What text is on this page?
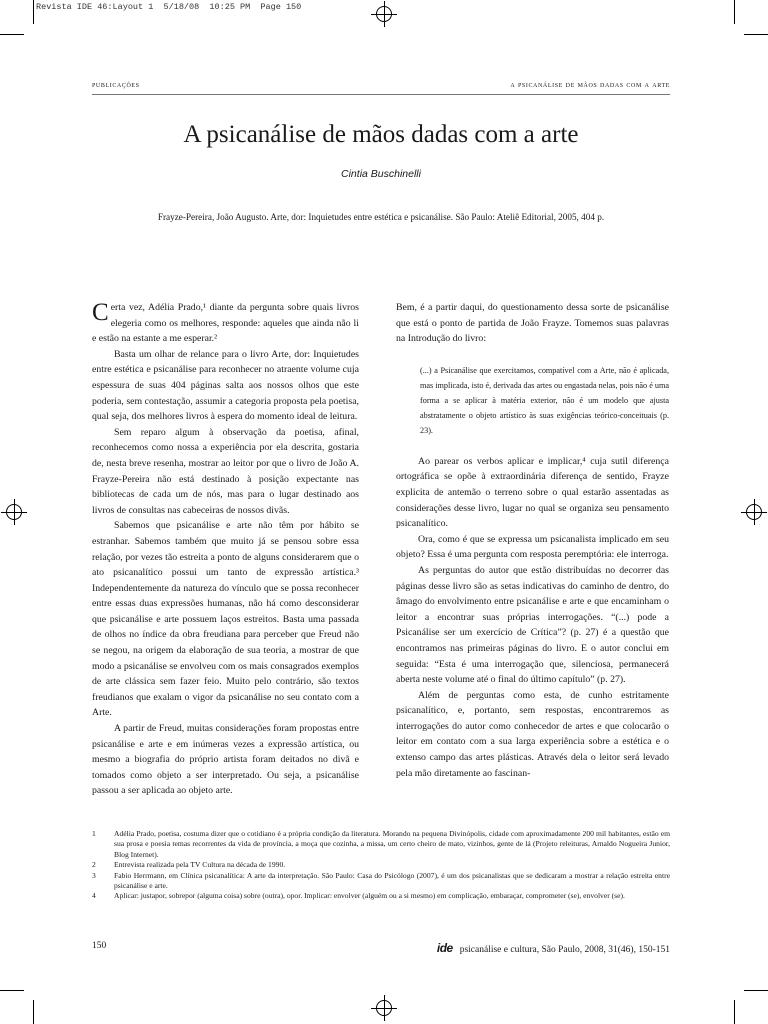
Revista IDE 46:Layout 1  5/18/08  10:25 PM  Page 150
publicações	a psicanálise de mãos dadas com a arte
A psicanálise de mãos dadas com a arte
Cintia Buschinelli
Frayze-Pereira, João Augusto. Arte, dor: Inquietudes entre estética e psicanálise. São Paulo: Ateliê Editorial, 2005, 404 p.

Certa vez, Adélia Prado,¹ diante da pergunta sobre quais livros elegeria como os melhores, responde: aqueles que ainda não li e estão na estante a me esperar.²

Basta um olhar de relance para o livro Arte, dor: Inquietudes entre estética e psicanálise para reconhecer no atraente volume cuja espessura de suas 404 páginas salta aos nossos olhos que este poderia, sem contestação, assumir a categoria proposta pela poetisa, qual seja, dos melhores livros à espera do momento ideal de leitura.

Sem reparo algum à observação da poetisa, afinal, reconhecemos como nossa a experiência por ela descrita, gostaria de, nesta breve resenha, mostrar ao leitor por que o livro de João A. Frayze-Pereira não está destinado à posição expectante nas bibliotecas de cada um de nós, mas para o lugar destinado aos livros de consultas nas cabeceiras de nossos divãs.

Sabemos que psicanálise e arte não têm por hábito se estranhar. Sabemos também que muito já se pensou sobre essa relação, por vezes tão estreita a ponto de alguns considerarem que o ato psicanalítico possui um tanto de expressão artística.³ Independentemente da natureza do vínculo que se possa reconhecer entre essas duas expressões humanas, não há como desconsiderar que psicanálise e arte possuem laços estreitos. Basta uma passada de olhos no índice da obra freudiana para perceber que Freud não se negou, na origem da elaboração de sua teoria, a mostrar de que modo a psicanálise se envolveu com os mais consagrados exemplos de arte clássica sem fazer feio. Muito pelo contrário, são textos freudianos que exalam o vigor da psicanálise no seu contato com a Arte.

A partir de Freud, muitas considerações foram propostas entre psicanálise e arte e em inúmeras vezes a expressão artística, ou mesmo a biografia do próprio artista foram deitados no divã e tomados como objeto a ser interpretado. Ou seja, a psicanálise passou a ser aplicada ao objeto arte.

Bem, é a partir daqui, do questionamento dessa sorte de psicanálise que está o ponto de partida de João Frayze. Tomemos suas palavras na Introdução do livro:

(...) a Psicanálise que exercitamos, compatível com a Arte, não é aplicada, mas implicada, isto é, derivada das artes ou engastada nelas, pois não é uma forma a se aplicar à matéria exterior, não é um modelo que ajusta abstratamente o objeto artístico às suas exigências teórico-conceituais (p. 23).

Ao parear os verbos aplicar e implicar,⁴ cuja sutil diferença ortográfica se opõe à extraordinária diferença de sentido, Frayze explicita de antemão o terreno sobre o qual estarão assentadas as considerações desse livro, lugar no qual se organiza seu pensamento psicanalítico.

Ora, como é que se expressa um psicanalista implicado em seu objeto? Essa é uma pergunta com resposta peremptória: ele interroga.

As perguntas do autor que estão distribuídas no decorrer das páginas desse livro são as setas indicativas do caminho de dentro, do âmago do envolvimento entre psicanálise e arte e que encaminham o leitor a encontrar suas próprias interrogações. “(...) pode a Psicanálise ser um exercício de Crítica”? (p. 27) é a questão que encontramos nas primeiras páginas do livro. E o autor conclui em seguida: “Esta é uma interrogação que, silenciosa, permanecerá aberta neste volume até o final do último capítulo” (p. 27).

Além de perguntas como esta, de cunho estritamente psicanalítico, e, portanto, sem respostas, encontraremos as interrogações do autor como conhecedor de artes e que colocarão o leitor em contato com a sua larga experiência sobre a estética e o extenso campo das artes plásticas. Através dela o leitor será levado pela mão diretamente ao fascinan-

1	Adélia Prado, poetisa, costuma dizer que o cotidiano é a própria condição da literatura. Morando na pequena Divinópolis, cidade com aproximadamente 200 mil habitantes, estão em sua prosa e poesia temas recorrentes da vida de província, a moça que cozinha, a missa, um certo cheiro de mato, vizinhos, gente de lá (Projeto releituras, Arnaldo Nogueira Junior, Blog Internet).
2	Entrevista realizada pela TV Cultura na década de 1990.
3	Fabio Herrmann, em Clínica psicanalítica: A arte da interpretação. São Paulo: Casa do Psicólogo (2007), é um dos psicanalistas que se dedicaram a mostrar a relação estreita entre psicanálise e arte.
4	Aplicar: justapor, sobrepor (alguma coisa) sobre (outra), opor. Implicar: envolver (alguém ou a si mesmo) em complicação, embaraçar, comprometer (se), envolver (se).
150	ide psicanálise e cultura, São Paulo, 2008, 31(46), 150-151
